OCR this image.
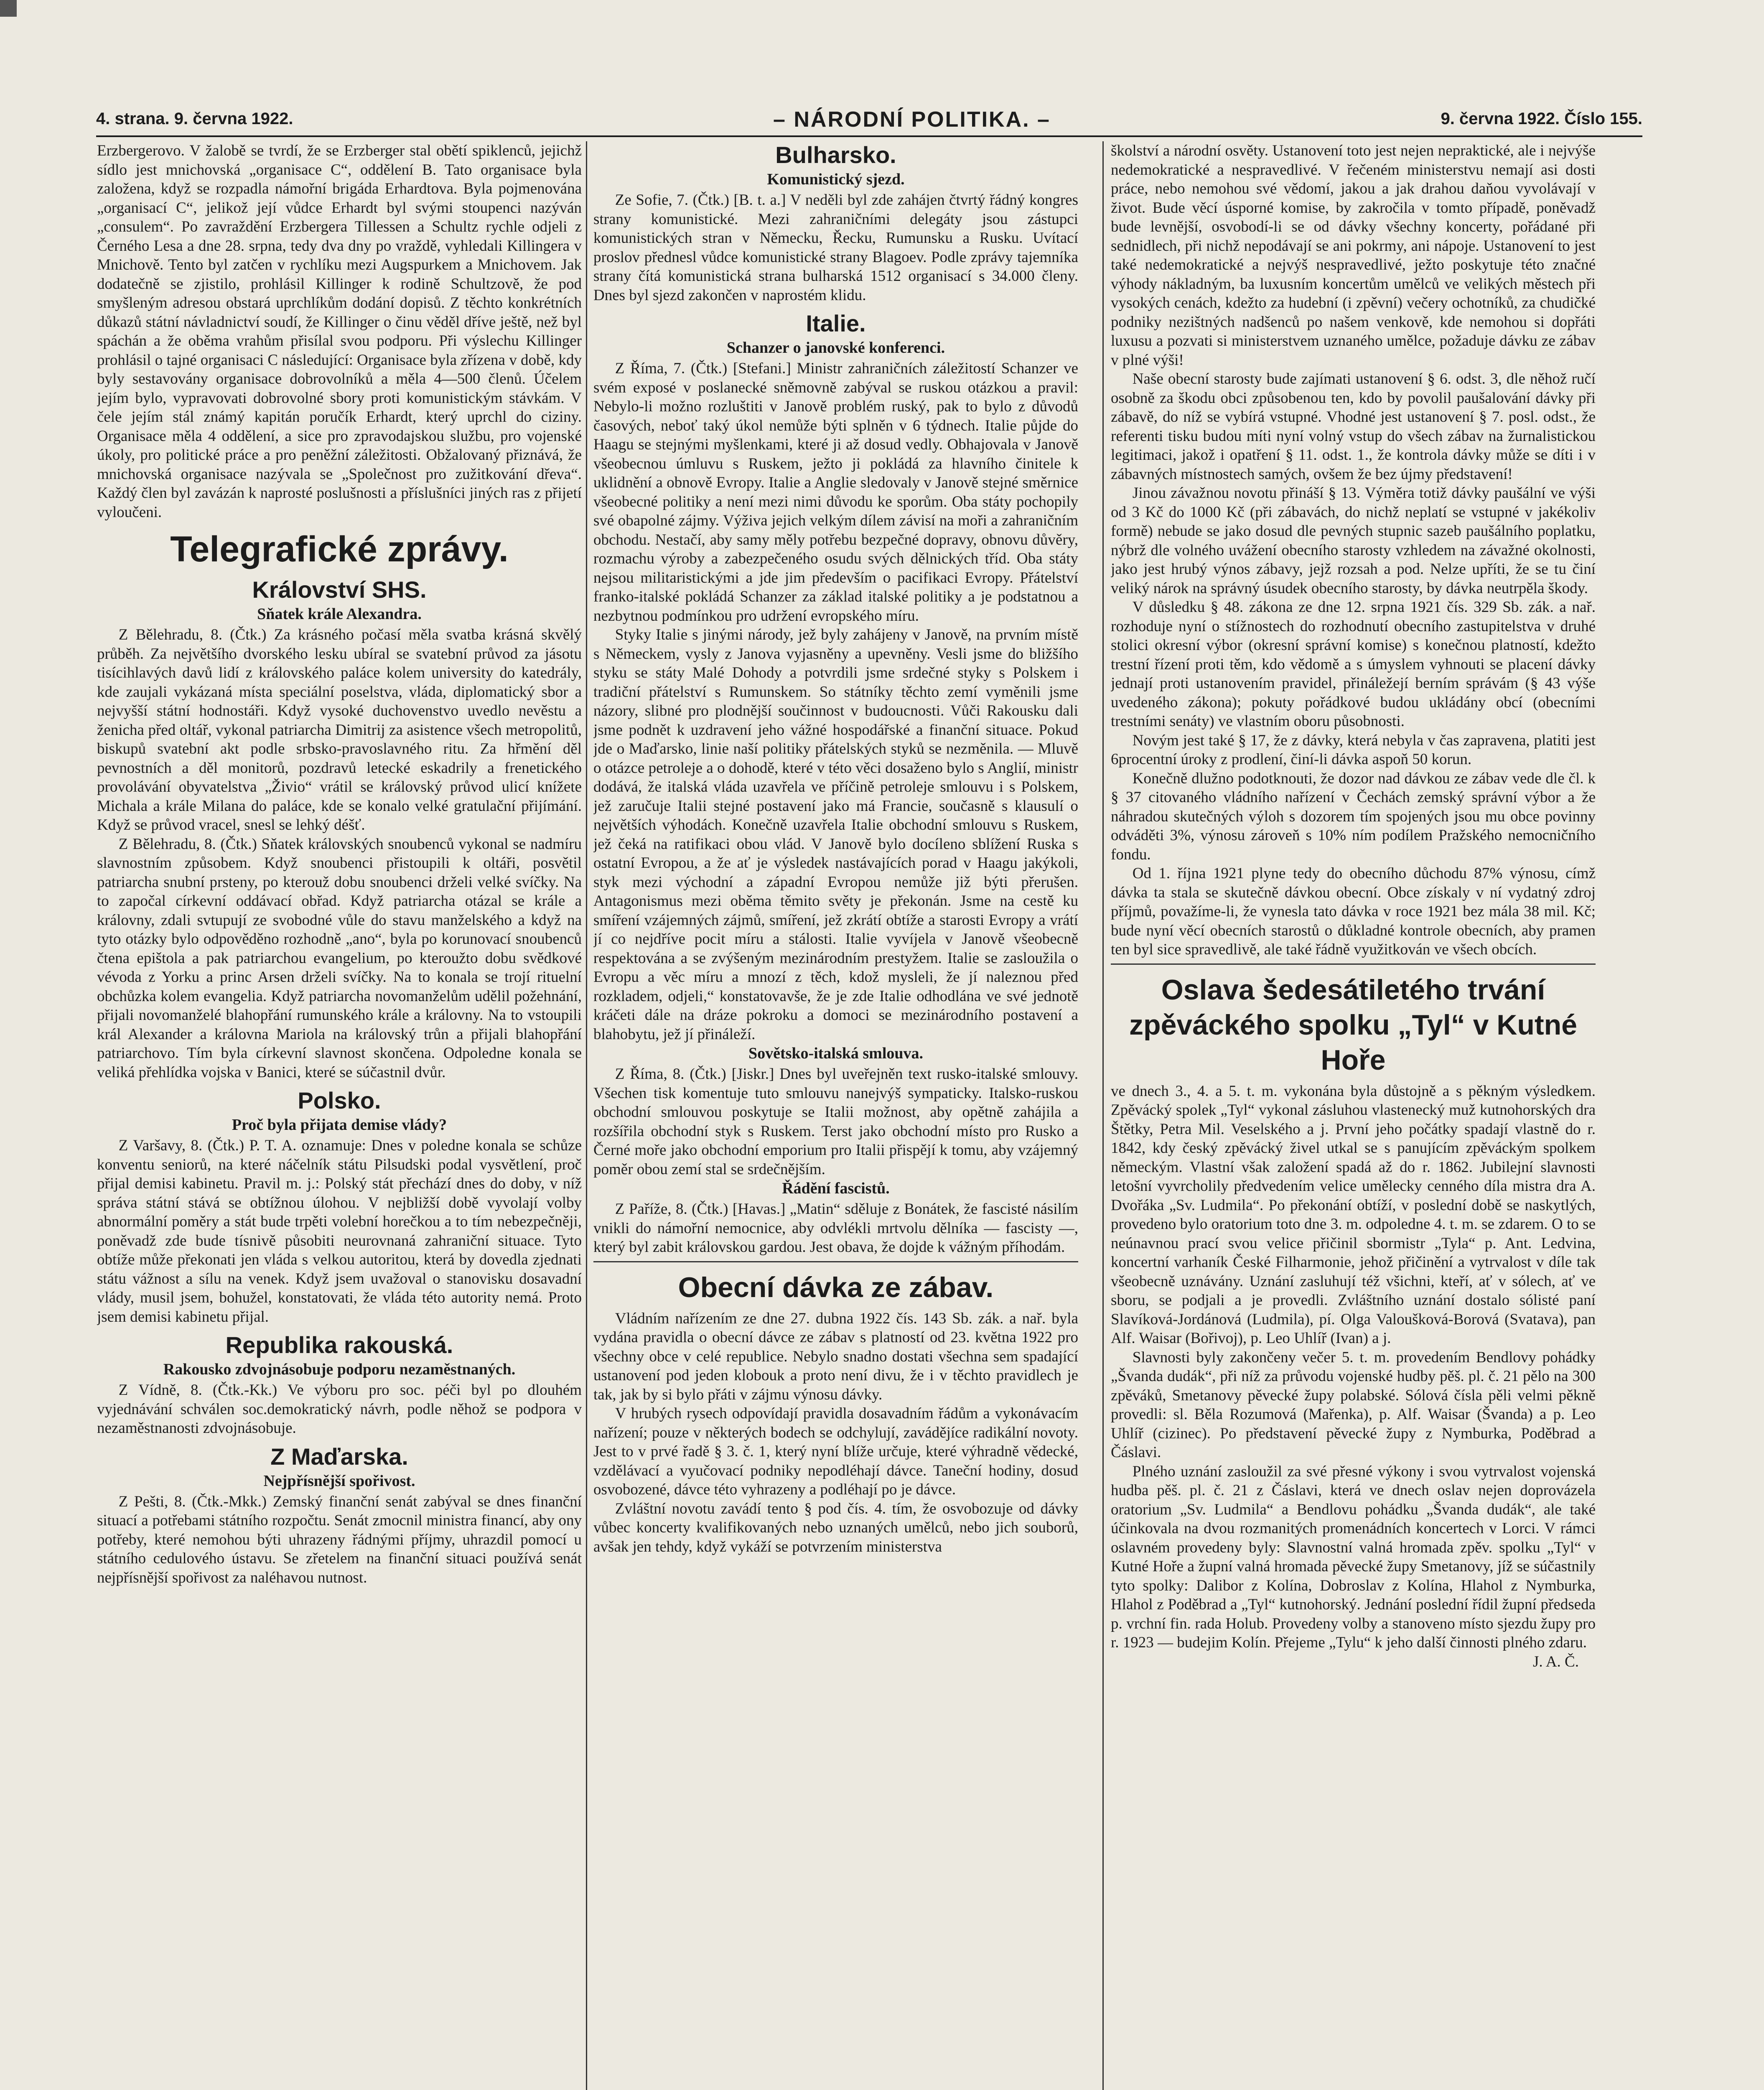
4. strana. 9. června 1922.	– NÁRODNÍ POLITIKA. –	9. června 1922. Číslo 155.

Erzbergerovo. V žalobě se tvrdí, že se Erzberger stal obětí spiklenců, jejichž sídlo jest mnichovská „organisace C“, oddělení B. Tato organisace byla založena, když se rozpadla námořní brigáda Erhardtova. Byla pojmenována „organisací C“, jelikož její vůdce Erhardt byl svými stoupenci nazýván „consulem“. Po zavraždění Erzbergera Tillessen a Schultz rychle odjeli z Černého Lesa a dne 28. srpna, tedy dva dny po vraždě, vyhledali Killingera v Mnichově. Tento byl zatčen v rychlíku mezi Augspurkem a Mnichovem. Jak dodatečně se zjistilo, prohlásil Killinger k rodině Schultzově, že pod smyšleným adresou obstará uprchlíkům dodání dopisů. Z těchto konkrétních důkazů státní návladnictví soudí, že Killinger o činu věděl dříve ještě, než byl spáchán a že oběma vrahům přisílal svou podporu. Při výslechu Killinger prohlásil o tajné organisaci C následující: Organisace byla zřízena v době, kdy byly sestavovány organisace dobrovolníků a měla 4—500 členů. Účelem jejím bylo, vypravovati dobrovolné sbory proti komunistickým stávkám. V čele jejím stál známý kapitán poručík Erhardt, který uprchl do ciziny. Organisace měla 4 oddělení, a sice pro zpravodajskou službu, pro vojenské úkoly, pro politické práce a pro peněžní záležitosti. Obžalovaný přiznává, že mnichovská organisace nazývala se „Společnost pro zužitkování dřeva“. Každý člen byl zavázán k naprosté poslušnosti a příslušníci jiných ras z přijetí vyloučeni.

Telegrafické zprávy.
Království SHS.
Sňatek krále Alexandra.

Z Bělehradu, 8. (Čtk.) Za krásného počasí měla svatba krásná skvělý průběh. Za největšího dvorského lesku ubíral se svatební průvod za jásotu tisícihlavých davů lidí z královského paláce kolem university do katedrály, kde zaujali vykázaná místa speciální poselstva, vláda, diplomatický sbor a nejvyšší státní hodnostáři. Když vysoké duchovenstvo uvedlo nevěstu a ženicha před oltář, vykonal patriarcha Dimitrij za asistence všech metropolitů, biskupů svatební akt podle srbsko-pravoslavného ritu. Za hřmění děl pevnostních a děl monitorů, pozdravů letecké eskadrily a frenetického provolávání obyvatelstva „Živio“ vrátil se královský průvod ulicí knížete Michala a krále Milana do paláce, kde se konalo velké gratulační přijímání. Když se průvod vracel, snesl se lehký déšť.

Z Bělehradu, 8. (Čtk.) Sňatek královských snoubenců vykonal se nadmíru slavnostním způsobem. Když snoubenci přistoupili k oltáři, posvětil patriarcha snubní prsteny, po kterouž dobu snoubenci drželi velké svíčky. Na to započal církevní oddávací obřad. Když patriarcha otázal se krále a královny, zdali svtupují ze svobodné vůle do stavu manželského a když na tyto otázky bylo odpověděno rozhodně „ano“, byla po korunovací snoubenců čtena epištola a pak patriarchou evangelium, po kteroužto dobu svědkové vévoda z Yorku a princ Arsen drželi svíčky. Na to konala se trojí rituelní obchůzka kolem evangelia. Když patriarcha novomanželům udělil požehnání, přijali novomanželé blahopřání rumunského krále a královny. Na to vstoupili král Alexander a královna Mariola na královský trůn a přijali blahopřání patriarchovo. Tím byla církevní slavnost skončena. Odpoledne konala se veliká přehlídka vojska v Banici, které se súčastnil dvůr.

Polsko.
Proč byla přijata demise vlády?

Z Varšavy, 8. (Čtk.) P. T. A. oznamuje: Dnes v poledne konala se schůze konventu seniorů, na které náčelník státu Pilsudski podal vysvětlení, proč přijal demisi kabinetu. Pravil m. j.: Polský stát přechází dnes do doby, v níž správa státní stává se obtížnou úlohou. V nejbližší době vyvolají volby abnormální poměry a stát bude trpěti volební horečkou a to tím nebezpečněji, poněvadž zde bude tísnivě působiti neurovnaná zahraniční situace. Tyto obtíže může překonati jen vláda s velkou autoritou, která by dovedla zjednati státu vážnost a sílu na venek. Když jsem uvažoval o stanovisku dosavadní vlády, musil jsem, bohužel, konstatovati, že vláda této autority nemá. Proto jsem demisi kabinetu přijal.

Republika rakouská.
Rakousko zdvojnásobuje podporu nezaměstnaných.

Z Vídně, 8. (Čtk.-Kk.) Ve výboru pro soc. péči byl po dlouhém vyjednávání schválen soc.demokratický návrh, podle něhož se podpora v nezaměstnanosti zdvojnásobuje.

Z Maďarska.
Nejpřísnější spořivost.

Z Pešti, 8. (Čtk.-Mkk.) Zemský finanční senát zabýval se dnes finanční situací a potřebami státního rozpočtu. Senát zmocnil ministra financí, aby ony potřeby, které nemohou býti uhrazeny řádnými příjmy, uhrazdil pomocí u státního cedulového ústavu. Se zřetelem na finanční situaci používá senát nejpřísnější spořivost za naléhavou nutnost.

Bulharsko.
Komunistický sjezd.

Ze Sofie, 7. (Čtk.) [B. t. a.] V neděli byl zde zahájen čtvrtý řádný kongres strany komunistické. Mezi zahraničními delegáty jsou zástupci komunistických stran v Německu, Řecku, Rumunsku a Rusku. Uvítací proslov přednesl vůdce komunistické strany Blagoev. Podle zprávy tajemníka strany čítá komunistická strana bulharská 1512 organisací s 34.000 členy. Dnes byl sjezd zakončen v naprostém klidu.

Italie.
Schanzer o janovské konferenci.

Z Říma, 7. (Čtk.) [Stefani.] Ministr zahraničních záležitostí Schanzer ve svém exposé v poslanecké sněmovně zabýval se ruskou otázkou a pravil: Nebylo-li možno rozluštiti v Janově problém ruský, pak to bylo z důvodů časových, neboť taký úkol nemůže býti splněn v 6 týdnech. Italie půjde do Haagu se stejnými myšlenkami, které ji až dosud vedly. Obhajovala v Janově všeobecnou úmluvu s Ruskem, ježto ji pokládá za hlavního činitele k uklidnění a obnově Evropy. Italie a Anglie sledovaly v Janově stejné směrnice všeobecné politiky a není mezi nimi důvodu ke sporům. Oba státy pochopily své obapolné zájmy. Výživa jejich velkým dílem závisí na moři a zahraničním obchodu. Nestačí, aby samy měly potřebu bezpečné dopravy, obnovu důvěry, rozmachu výroby a zabezpečeného osudu svých dělnických tříd. Oba státy nejsou militaristickými a jde jim především o pacifikaci Evropy. Přátelství franko-italské pokládá Schanzer za základ italské politiky a je podstatnou a nezbytnou podmínkou pro udržení evropského míru.

Styky Italie s jinými národy, jež byly zahájeny v Janově, na prvním místě s Německem, vysly z Janova vyjasněny a upevněny. Vesli jsme do bližšího styku se státy Malé Dohody a potvrdili jsme srdečné styky s Polskem i tradiční přátelství s Rumunskem. So státníky těchto zemí vyměnili jsme názory, slibné pro plodnější součinnost v budoucnosti. Vůči Rakousku dali jsme podnět k uzdravení jeho vážné hospodářské a finanční situace. Pokud jde o Maďarsko, linie naší politiky přátelských styků se nezměnila. — Mluvě o otázce petroleje a o dohodě, které v této věci dosaženo bylo s Anglií, ministr dodává, že italská vláda uzavřela ve příčině petroleje smlouvu i s Polskem, jež zaručuje Italii stejné postavení jako má Francie, současně s klausulí o největších výhodách. Konečně uzavřela Italie obchodní smlouvu s Ruskem, jež čeká na ratifikaci obou vlád. V Janově bylo docíleno sblížení Ruska s ostatní Evropou, a že ať je výsledek nastávajících porad v Haagu jakýkoli, styk mezi východní a západní Evropou nemůže již býti přerušen. Antagonismus mezi oběma těmito světy je překonán. Jsme na cestě ku smíření vzájemných zájmů, smíření, jež zkrátí obtíže a starosti Evropy a vrátí jí co nejdříve pocit míru a stálosti. Italie vyvíjela v Janově všeobecně respektována a se zvýšeným mezinárodním prestyžem. Italie se zasloužila o Evropu a věc míru a mnozí z těch, kdož mysleli, že jí naleznou před rozkladem, odjeli,“ konstatovavše, že je zde Italie odhodlána ve své jednotě kráčeti dále na dráze pokroku a domoci se mezinárodního postavení a blahobytu, jež jí přináleží.

Sovětsko-italská smlouva.

Z Říma, 8. (Čtk.) [Jiskr.] Dnes byl uveřejněn text rusko-italské smlouvy. Všechen tisk komentuje tuto smlouvu nanejvýš sympaticky. Italsko-ruskou obchodní smlouvou poskytuje se Italii možnost, aby opětně zahájila a rozšířila obchodní styk s Ruskem. Terst jako obchodní místo pro Rusko a Černé moře jako obchodní emporium pro Italii přispějí k tomu, aby vzájemný poměr obou zemí stal se srdečnějším.

Řádění fascistů.

Z Paříže, 8. (Čtk.) [Havas.] „Matin“ sděluje z Bonátek, že fascisté násilím vnikli do námořní nemocnice, aby odvlékli mrtvolu dělníka — fascisty —, který byl zabit královskou gardou. Jest obava, že dojde k vážným příhodám.

Obecní dávka ze zábav.

Vládním nařízením ze dne 27. dubna 1922 čís. 143 Sb. zák. a nař. byla vydána pravidla o obecní dávce ze zábav s platností od 23. května 1922 pro všechny obce v celé republice. Nebylo snadno dostati všechna sem spadající ustanovení pod jeden klobouk a proto není divu, že i v těchto pravidlech je tak, jak by si bylo přáti v zájmu výnosu dávky.

V hrubých rysech odpovídají pravidla dosavadním řádům a vykonávacím nařízení; pouze v některých bodech se odchylují, zavádějíce radikální novoty. Jest to v prvé řadě § 3. č. 1, který nyní blíže určuje, které výhradně vědecké, vzdělávací a vyučovací podniky nepodléhají dávce. Taneční hodiny, dosud osvobozené, dávce této vyhrazeny a podléhají po je dávce.

Zvláštní novotu zavádí tento § pod čís. 4. tím, že osvobozuje od dávky vůbec koncerty kvalifikovaných nebo uznaných umělců, nebo jich souborů, avšak jen tehdy, když vykáží se potvrzením ministerstva

školství a národní osvěty. Ustanovení toto jest nejen nepraktické, ale i nejvýše nedemokratické a nespravedlivé. V řečeném ministerstvu nemají asi dosti práce, nebo nemohou své vědomí, jakou a jak drahou daňou vyvolávají v život. Bude věcí úsporné komise, by zakročila v tomto případě, poněvadž bude levnější, osvobodí-li se od dávky všechny koncerty, pořádané při sednidlech, při nichž nepodávají se ani pokrmy, ani nápoje. Ustanovení to jest také nedemokratické a nejvýš nespravedlivé, ježto poskytuje této značné výhody nákladným, ba luxusním koncertům umělců ve velikých městech při vysokých cenách, kdežto za hudební (i zpěvní) večery ochotníků, za chudičké podniky nezištných nadšenců po našem venkově, kde nemohou si dopřáti luxusu a pozvati si ministerstvem uznaného umělce, požaduje dávku ze zábav v plné výši!

Naše obecní starosty bude zajímati ustanovení § 6. odst. 3, dle něhož ručí osobně za škodu obci způsobenou ten, kdo by povolil paušalování dávky při zábavě, do níž se vybírá vstupné. Vhodné jest ustanovení § 7. posl. odst., že referenti tisku budou míti nyní volný vstup do všech zábav na žurnalistickou legitimaci, jakož i opatření § 11. odst. 1., že kontrola dávky může se díti i v zábavných místnostech samých, ovšem že bez újmy představení!

Jinou závažnou novotu přináší § 13. Výměra totiž dávky paušální ve výši od 3 Kč do 1000 Kč (při zábavách, do nichž neplatí se vstupné v jakékoliv formě) nebude se jako dosud dle pevných stupnic sazeb paušálního poplatku, nýbrž dle volného uvážení obecního starosty vzhledem na závažné okolnosti, jako jest hrubý výnos zábavy, jejž rozsah a pod. Nelze upříti, že se tu činí veliký nárok na správný úsudek obecního starosty, by dávka neutrpěla škody.

V důsledku § 48. zákona ze dne 12. srpna 1921 čís. 329 Sb. zák. a nař. rozhoduje nyní o stížnostech do rozhodnutí obecního zastupitelstva v druhé stolici okresní výbor (okresní správní komise) s konečnou platností, kdežto trestní řízení proti těm, kdo vědomě a s úmyslem vyhnouti se placení dávky jednají proti ustanovením pravidel, přináležejí berním správám (§ 43 výše uvedeného zákona); pokuty pořádkové budou ukládány obcí (obecními trestními senáty) ve vlastním oboru působnosti.

Novým jest také § 17, že z dávky, která nebyla v čas zapravena, platiti jest 6procentní úroky z prodlení, činí-li dávka aspoň 50 korun.

Konečně dlužno podotknouti, že dozor nad dávkou ze zábav vede dle čl. k § 37 citovaného vládního nařízení v Čechách zemský správní výbor a že náhradou skutečných výloh s dozorem tím spojených jsou mu obce povinny odváděti 3%, výnosu zároveň s 10% ním podílem Pražského nemocničního fondu.

Od 1. října 1921 plyne tedy do obecního důchodu 87% výnosu, címž dávka ta stala se skutečně dávkou obecní. Obce získaly v ní vydatný zdroj příjmů, považíme-li, že vynesla tato dávka v roce 1921 bez mála 38 mil. Kč; bude nyní věcí obecních starostů o důkladné kontrole obecních, aby pramen ten byl sice spravedlivě, ale také řádně využitkován ve všech obcích.

Oslava šedesátiletého trvání zpěváckého spolku „Tyl“ v Kutné Hoře

ve dnech 3., 4. a 5. t. m. vykonána byla důstojně a s pěkným výsledkem. Zpěvácký spolek „Tyl“ vykonal zásluhou vlastenecký muž kutnohorských dra Štětky, Petra Mil. Veselského a j. První jeho počátky spadají vlastně do r. 1842, kdy český zpěvácký živel utkal se s panujícím zpěváckým spolkem německým. Vlastní však založení spadá až do r. 1862. Jubilejní slavnosti letošní vyvrcholily předvedením velice umělecky cenného díla mistra dra A. Dvořáka „Sv. Ludmila“. Po překonání obtíží, v poslední době se naskytlých, provedeno bylo oratorium toto dne 3. m. odpoledne 4. t. m. se zdarem. O to se neúnavnou prací svou velice přičinil sbormistr „Tyla“ p. Ant. Ledvina, koncertní varhaník České Filharmonie, jehož přičinění a vytrvalost v díle tak všeobecně uznávány. Uznání zasluhují též všichni, kteří, ať v sólech, ať ve sboru, se podjali a je provedli. Zvláštního uznání dostalo sólisté paní Slavíková-Jordánová (Ludmila), pí. Olga Valoušková-Borová (Svatava), pan Alf. Waisar (Bořivoj), p. Leo Uhlíř (Ivan) a j.

Slavnosti byly zakončeny večer 5. t. m. provedením Bendlovy pohádky „Švanda dudák“, při níž za průvodu vojenské hudby pěš. pl. č. 21 pělo na 300 zpěváků, Smetanovy pěvecké župy polabské. Sólová čísla pěli velmi pěkně provedli: sl. Běla Rozumová (Mařenka), p. Alf. Waisar (Švanda) a p. Leo Uhlíř (cizinec). Po představení pěvecké župy z Nymburka, Poděbrad a Čáslavi.

Plného uznání zasloužil za své přesné výkony i svou vytrvalost vojenská hudba pěš. pl. č. 21 z Čáslavi, která ve dnech oslav nejen doprovázela oratorium „Sv. Ludmila“ a Bendlovu pohádku „Švanda dudák“, ale také účinkovala na dvou rozmanitých promenádních koncertech v Lorci. V rámci oslavném provedeny byly: Slavnostní valná hromada zpěv. spolku „Tyl“ v Kutné Hoře a župní valná hromada pěvecké župy Smetanovy, jíž se súčastnily tyto spolky: Dalibor z Kolína, Dobroslav z Kolína, Hlahol z Nymburka, Hlahol z Poděbrad a „Tyl“ kutnohorský. Jednání poslední řídil župní předseda p. vrchní fin. rada Holub. Provedeny volby a stanoveno místo sjezdu župy pro r. 1923 — budejim Kolín. Přejeme „Tylu“ k jeho další činnosti plného zdaru.

J. A. Č.
